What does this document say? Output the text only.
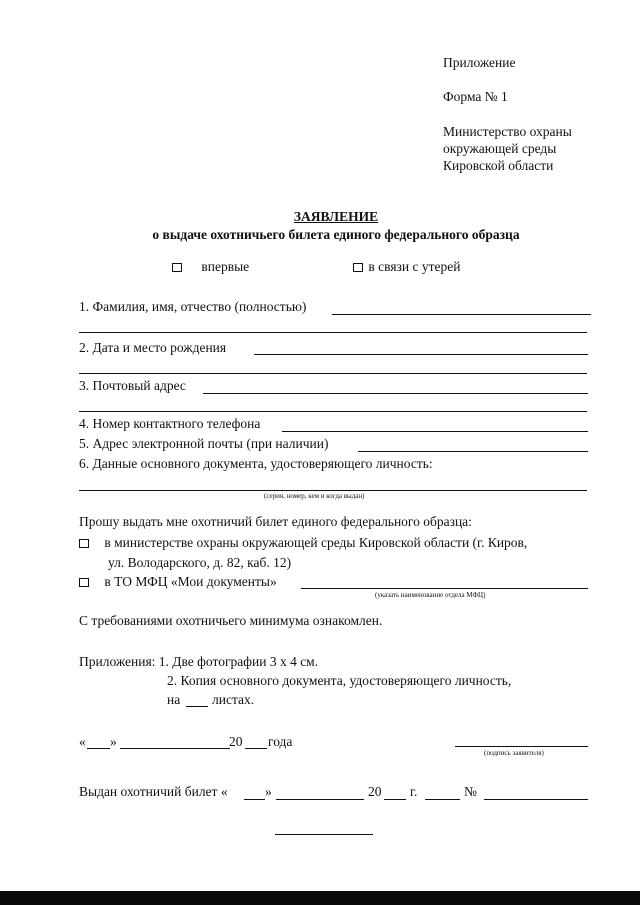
Приложение
Форма № 1
Министерство охраны
окружающей среды
Кировской области
ЗАЯВЛЕНИЕ
о выдаче охотничьего билета единого федерального образца
впервые	в связи с утерей
1. Фамилия, имя, отчество (полностью)
2. Дата и место рождения
3. Почтовый адрес
4. Номер контактного телефона
5. Адрес электронной почты (при наличии)
6. Данные основного документа, удостоверяющего личность:
(серия, номер, кем и когда выдан)
Прошу выдать мне охотничий билет единого федерального образца:
в министерстве охраны окружающей среды Кировской области (г. Киров,
ул. Володарского, д. 82, каб. 12)
в ТО МФЦ «Мои документы»
(указать наименование отдела МФЦ)
С требованиями охотничьего минимума ознакомлен.
Приложения: 1. Две фотографии 3 х 4 см.
2. Копия основного документа, удостоверяющего личность,
на листах.
« »	20 года
(подпись заявителя)
Выдан охотничий билет «	»	20 г.	№
